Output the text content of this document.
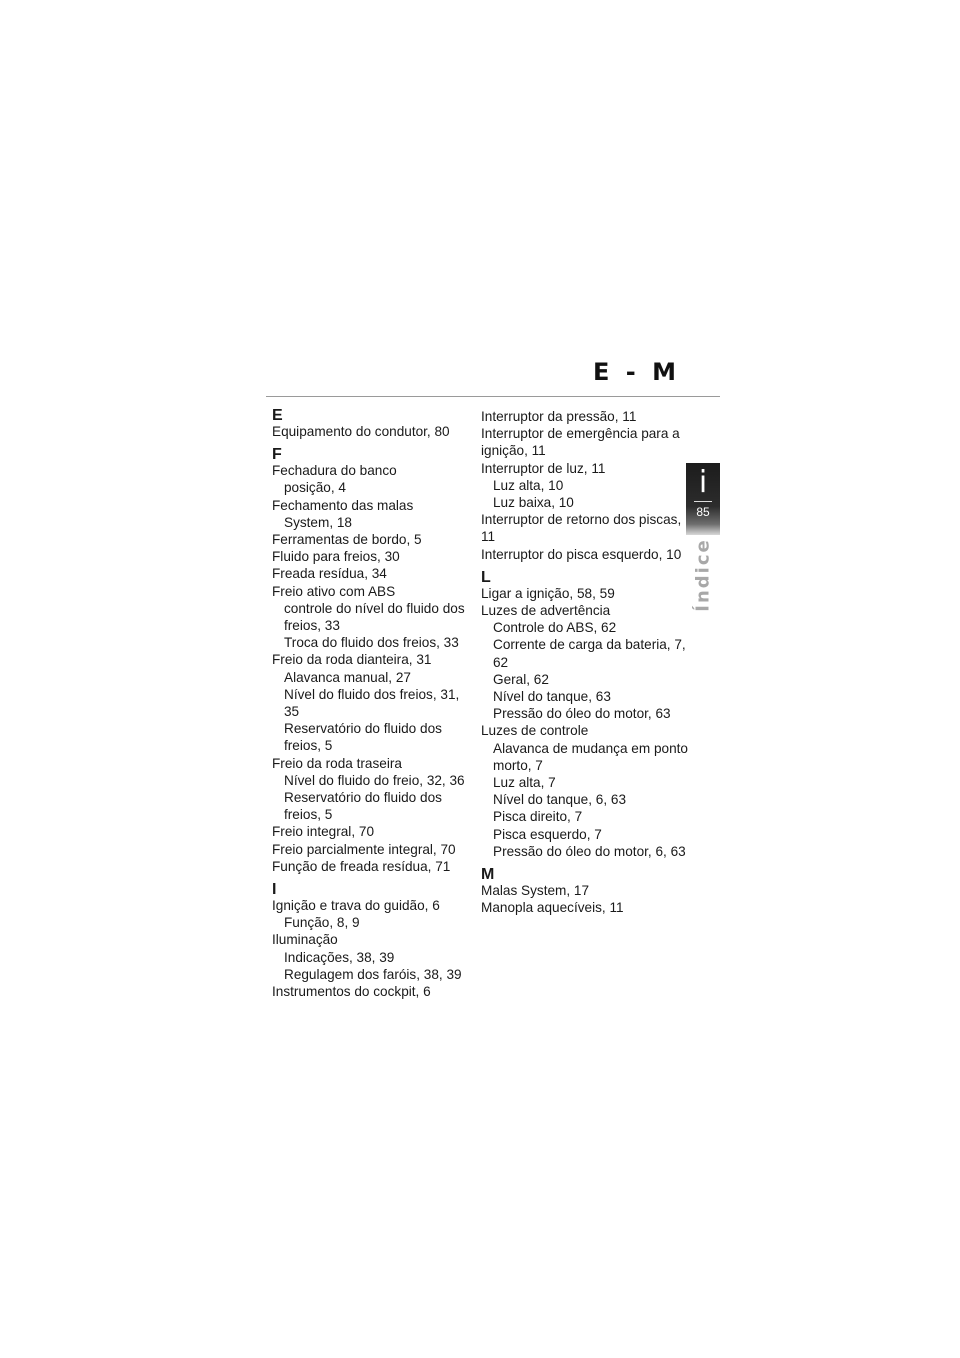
E - M
i
85
Índice
E
Equipamento do condutor, 80
F
Fechadura do banco
posição, 4
Fechamento das malas
System, 18
Ferramentas de bordo, 5
Fluido para freios, 30
Freada resídua, 34
Freio ativo com ABS
controle do nível do fluido dos freios, 33
Troca do fluido dos freios, 33
Freio da roda dianteira, 31
Alavanca manual, 27
Nível do fluido dos freios, 31, 35
Reservatório do fluido dos freios, 5
Freio da roda traseira
Nível do fluido do freio, 32, 36
Reservatório do fluido dos freios, 5
Freio integral, 70
Freio parcialmente integral, 70
Função de freada resídua, 71
I
Ignição e trava do guidão, 6
Função, 8, 9
Iluminação
Indicações, 38, 39
Regulagem dos faróis, 38, 39
Instrumentos do cockpit, 6
Interruptor da pressão, 11
Interruptor de emergência para a ignição, 11
Interruptor de luz, 11
Luz alta, 10
Luz baixa, 10
Interruptor de retorno dos piscas, 11
Interruptor do pisca esquerdo, 10
L
Ligar a ignição, 58, 59
Luzes de advertência
Controle do ABS, 62
Corrente de carga da bateria, 7, 62
Geral, 62
Nível do tanque, 63
Pressão do óleo do motor, 63
Luzes de controle
Alavanca de mudança em ponto morto, 7
Luz alta, 7
Nível do tanque, 6, 63
Pisca direito, 7
Pisca esquerdo, 7
Pressão do óleo do motor, 6, 63
M
Malas System, 17
Manopla aquecíveis, 11
